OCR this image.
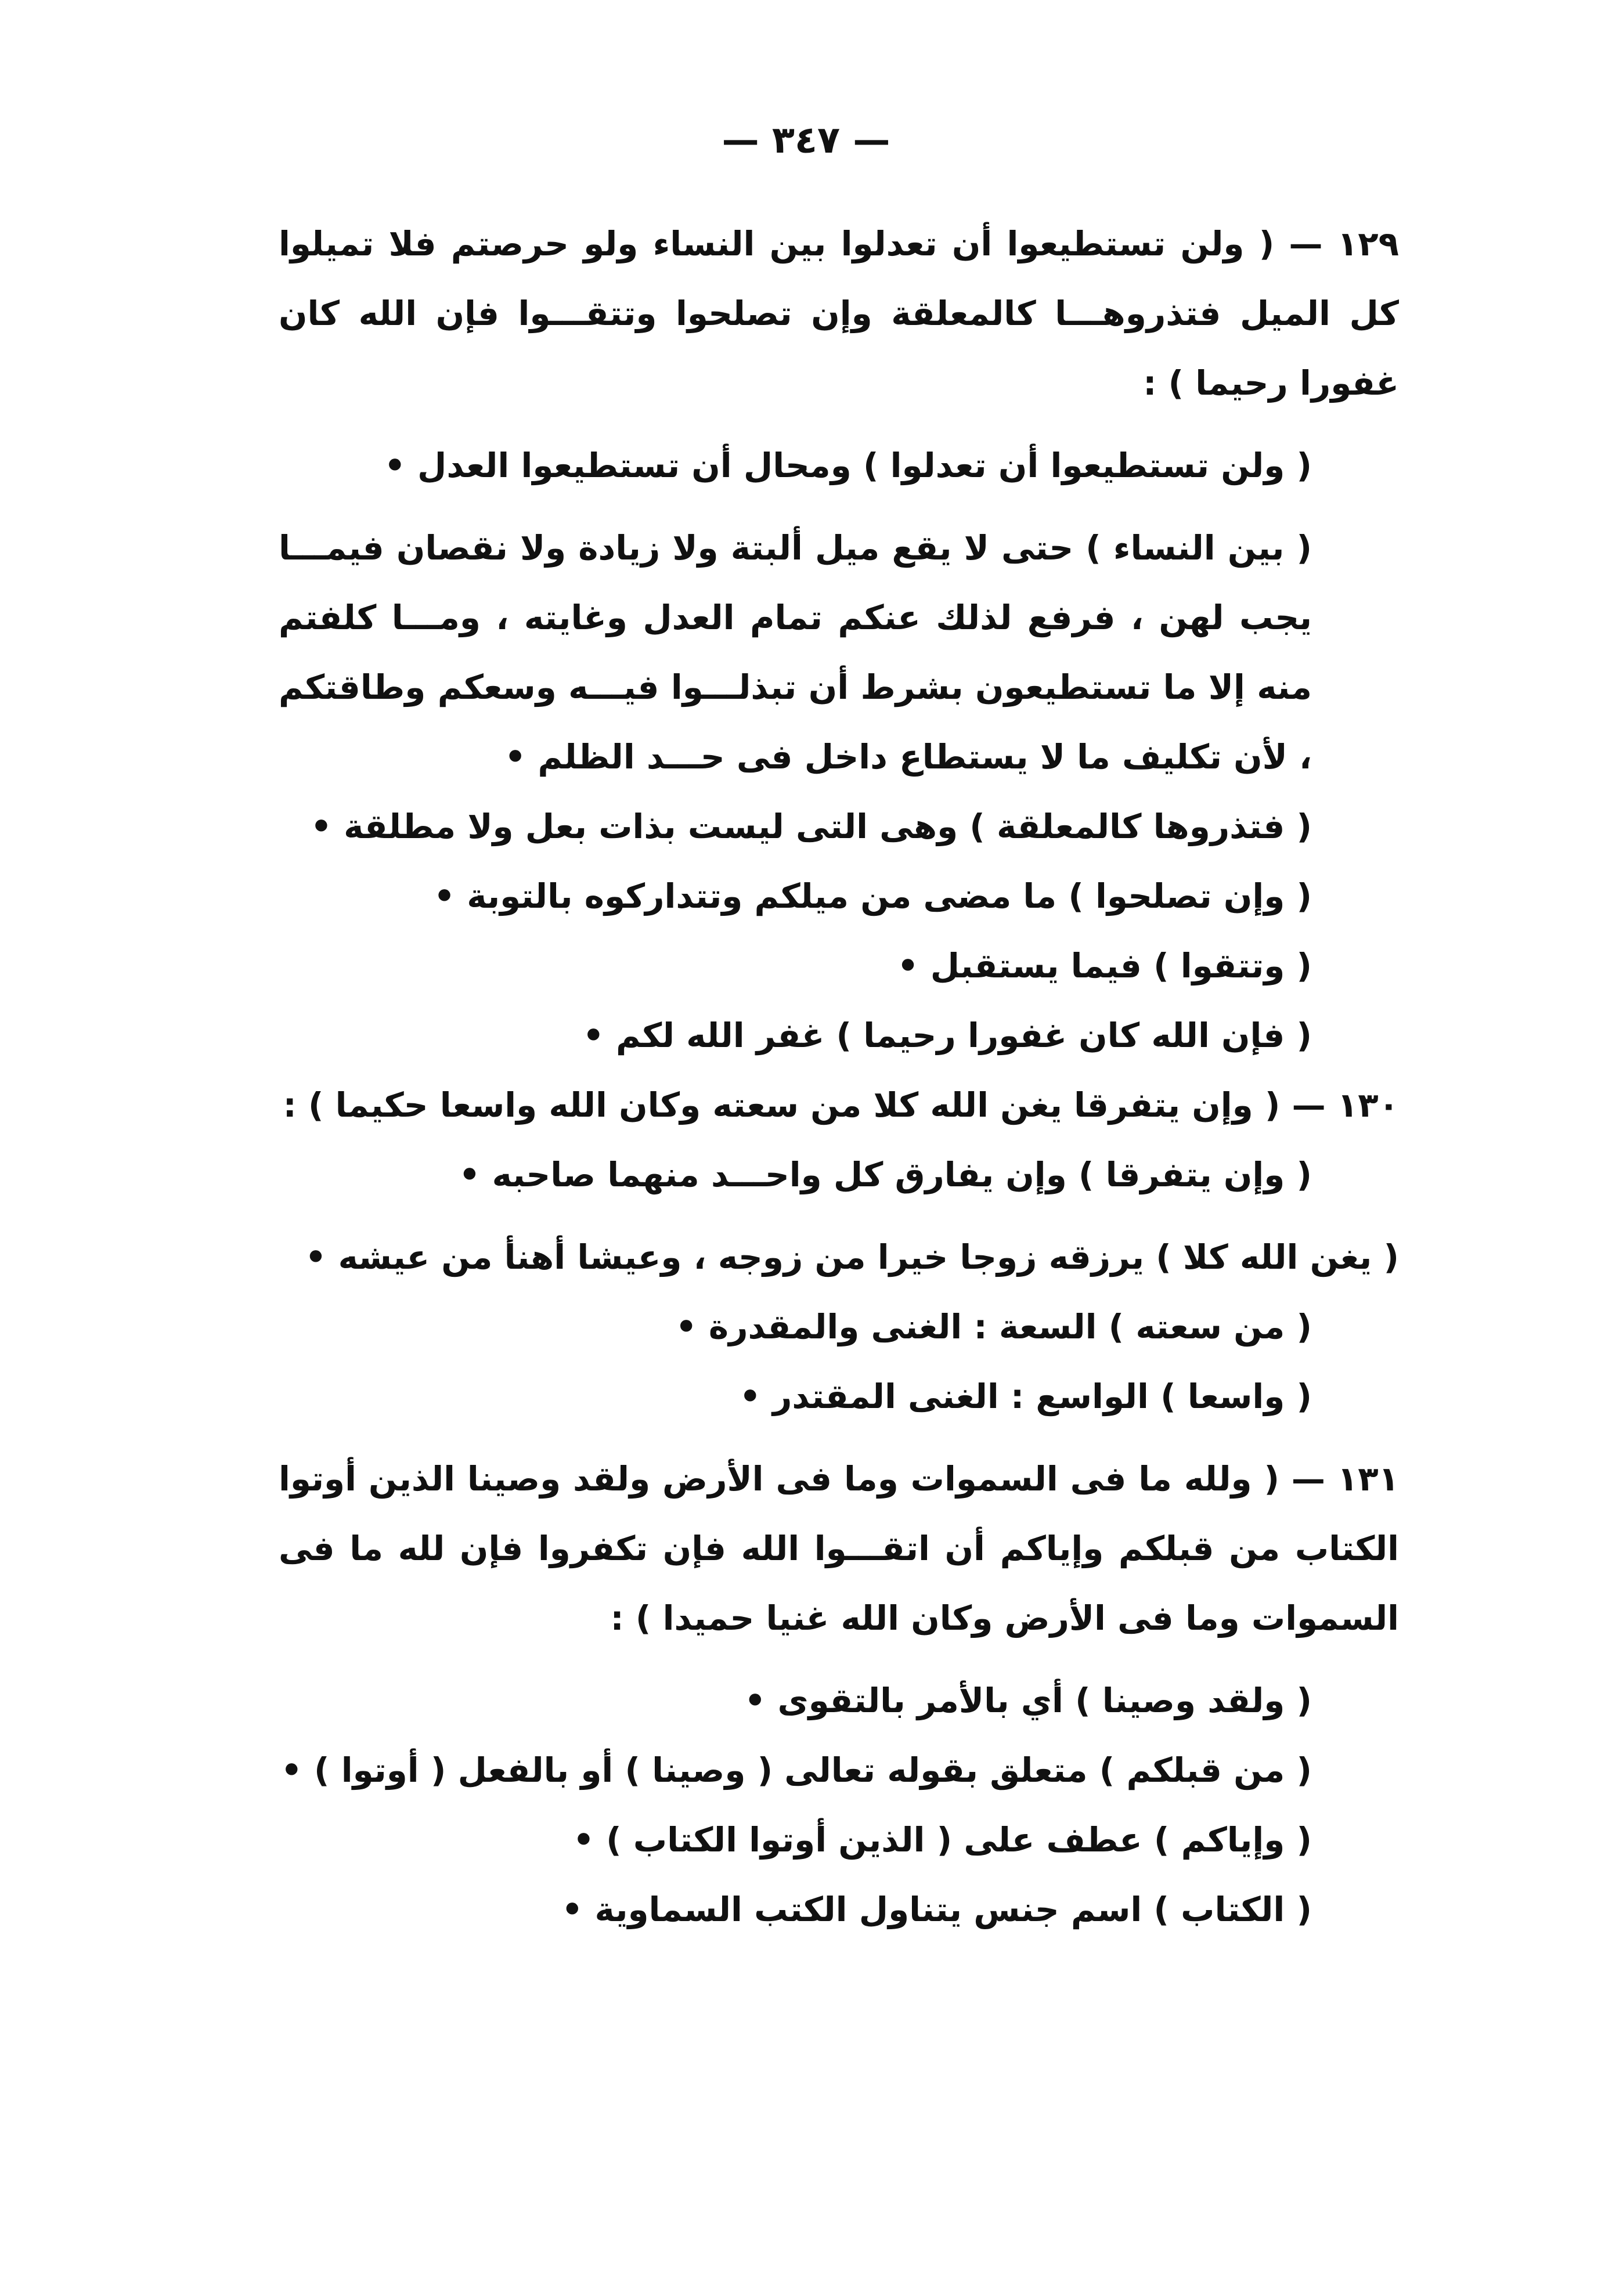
— ٣٤٧ —

١٢٩ — ( ولن تستطيعوا أن تعدلوا بين النساء ولو حرصتم فلا تميلوا كل الميل فتذروهـــا كالمعلقة وإن تصلحوا وتتقـــوا فإن الله كان غفورا رحيما ) :

( ولن تستطيعوا أن تعدلوا ) ومحال أن تستطيعوا العدل •

( بين النساء ) حتى لا يقع ميل ألبتة ولا زيادة ولا نقصان فيمـــا يجب لهن ، فرفع لذلك عنكم تمام العدل وغايته ، ومـــا كلفتم منه إلا ما تستطيعون بشرط أن تبذلـــوا فيـــه وسعكم وطاقتكم ، لأن تكليف ما لا يستطاع داخل فى حـــد الظلم •

( فتذروها كالمعلقة ) وهى التى ليست بذات بعل ولا مطلقة •

( وإن تصلحوا ) ما مضى من ميلكم وتتداركوه بالتوبة •

( وتتقوا ) فيما يستقبل •

( فإن الله كان غفورا رحيما ) غفر الله لكم •

١٣٠ — ( وإن يتفرقا يغن الله كلا من سعته وكان الله واسعا حكيما ) :

( وإن يتفرقا ) وإن يفارق كل واحـــد منهما صاحبه •

( يغن الله كلا ) يرزقه زوجا خيرا من زوجه ، وعيشا أهنأ من عيشه •

( من سعته ) السعة : الغنى والمقدرة •

( واسعا ) الواسع : الغنى المقتدر •

١٣١ — ( ولله ما فى السموات وما فى الأرض ولقد وصينا الذين أوتوا الكتاب من قبلكم وإياكم أن اتقـــوا الله فإن تكفروا فإن لله ما فى السموات وما فى الأرض وكان الله غنيا حميدا ) :

( ولقد وصينا ) أي بالأمر بالتقوى •

( من قبلكم ) متعلق بقوله تعالى ( وصينا ) أو بالفعل ( أوتوا ) •

( وإياكم ) عطف على ( الذين أوتوا الكتاب ) •

( الكتاب ) اسم جنس يتناول الكتب السماوية •
